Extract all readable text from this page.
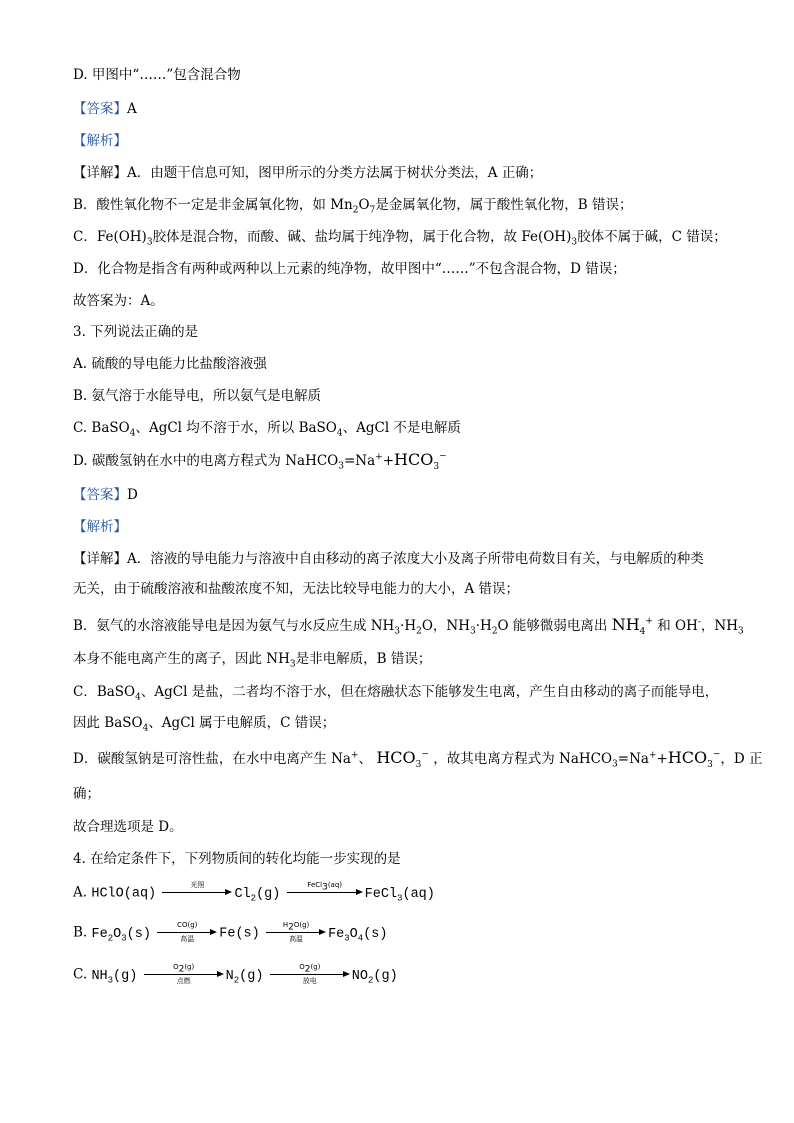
D. 甲图中“……”包含混合物
【答案】A
【解析】
【详解】A．由题干信息可知，图甲所示的分类方法属于树状分类法，A 正确；
B．酸性氧化物不一定是非金属氧化物，如 $Mn_2O_7$是金属氧化物，属于酸性氧化物，B 错误；
C．$Fe(OH)_3$胶体是混合物，而酸、碱、盐均属于纯净物，属于化合物，故 $Fe(OH)_3$胶体不属于碱，C 错误；
D．化合物是指含有两种或两种以上元素的纯净物，故甲图中“……”不包含混合物，D 错误；
故答案为：A。
3. 下列说法正确的是
A. 硫酸的导电能力比盐酸溶液强
B. 氨气溶于水能导电，所以氨气是电解质
C. BaSO$_4$、AgCl 均不溶于水，所以 BaSO$_4$、AgCl 不是电解质
D. 碳酸氢钠在水中的电离方程式为 $NaHCO_3=Na^++HCO_3^-$
【答案】D
【解析】
【详解】A．溶液的导电能力与溶液中自由移动的离子浓度大小及离子所带电荷数目有关，与电解质的种类
无关，由于硫酸溶液和盐酸浓度不知，无法比较导电能力的大小，A 错误；
B．氨气的水溶液能导电是因为氨气与水反应生成 $NH_3\cdot H_2O$，$NH_3\cdot H_2O$ 能够微弱电离出 $NH_4^+$ 和 OH-，$NH_3$
本身不能电离产生的离子，因此 $NH_3$是非电解质，B 错误；
C．BaSO$_4$、AgCl 是盐，二者均不溶于水，但在熔融状态下能够发生电离，产生自由移动的离子而能导电，
因此 BaSO$_4$、AgCl 属于电解质，C 错误；
D．碳酸氢钠是可溶性盐，在水中电离产生 Na+、 $HCO_3^-$ ，故其电离方程式为 $NaHCO_3=Na^++HCO_3^-$，D 正
确；
故合理选项是 D。
4. 在给定条件下，下列物质间的转化均能一步实现的是
A. HClO(aq)
光照
$Cl_2(g)$
FeCl$_3$(aq)
FeCl$_3$(aq)
B. $Fe_2O_3(s)$
CO(g)
高温	Fe(s)
$H_2O(g)$
高温	$Fe_3O_4(s)$
C. $NH_3(g)$
$O_2(g)$
点燃	$N_2(g)$
$O_2(g)$
放电	$NO_2(g)$
